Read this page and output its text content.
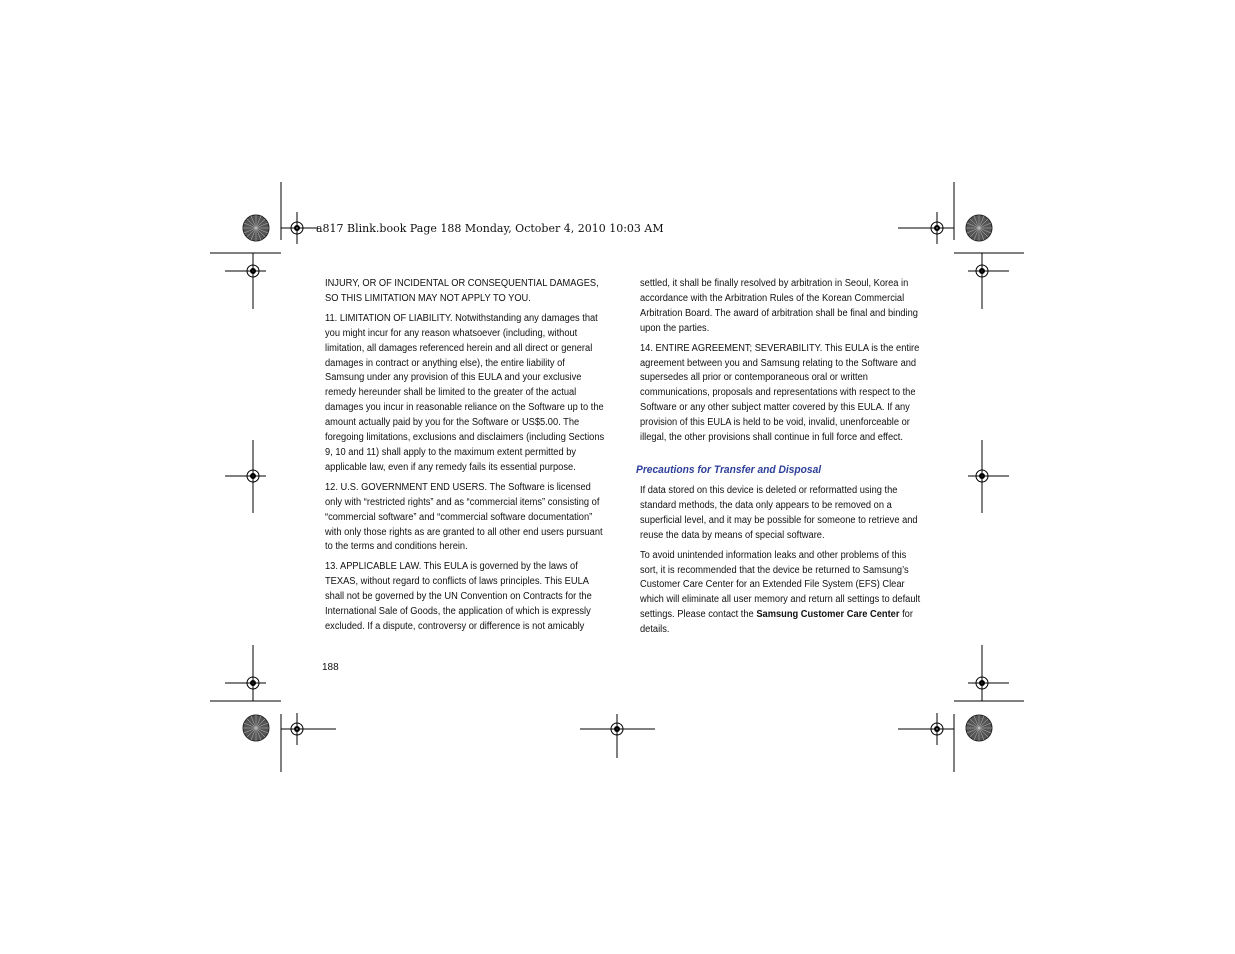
a817 Blink.book Page 188 Monday, October 4, 2010 10:03 AM

INJURY, OR OF INCIDENTAL OR CONSEQUENTIAL DAMAGES, SO THIS LIMITATION MAY NOT APPLY TO YOU.

11. LIMITATION OF LIABILITY. Notwithstanding any damages that you might incur for any reason whatsoever (including, without limitation, all damages referenced herein and all direct or general damages in contract or anything else), the entire liability of Samsung under any provision of this EULA and your exclusive remedy hereunder shall be limited to the greater of the actual damages you incur in reasonable reliance on the Software up to the amount actually paid by you for the Software or US$5.00. The foregoing limitations, exclusions and disclaimers (including Sections 9, 10 and 11) shall apply to the maximum extent permitted by applicable law, even if any remedy fails its essential purpose.

12. U.S. GOVERNMENT END USERS. The Software is licensed only with “restricted rights” and as “commercial items” consisting of “commercial software” and “commercial software documentation” with only those rights as are granted to all other end users pursuant to the terms and conditions herein.

13. APPLICABLE LAW. This EULA is governed by the laws of TEXAS, without regard to conflicts of laws principles. This EULA shall not be governed by the UN Convention on Contracts for the International Sale of Goods, the application of which is expressly excluded. If a dispute, controversy or difference is not amicably

settled, it shall be finally resolved by arbitration in Seoul, Korea in accordance with the Arbitration Rules of the Korean Commercial Arbitration Board. The award of arbitration shall be final and binding upon the parties.

14. ENTIRE AGREEMENT; SEVERABILITY. This EULA is the entire agreement between you and Samsung relating to the Software and supersedes all prior or contemporaneous oral or written communications, proposals and representations with respect to the Software or any other subject matter covered by this EULA. If any provision of this EULA is held to be void, invalid, unenforceable or illegal, the other provisions shall continue in full force and effect.

Precautions for Transfer and Disposal

If data stored on this device is deleted or reformatted using the standard methods, the data only appears to be removed on a superficial level, and it may be possible for someone to retrieve and reuse the data by means of special software.

To avoid unintended information leaks and other problems of this sort, it is recommended that the device be returned to Samsung’s Customer Care Center for an Extended File System (EFS) Clear which will eliminate all user memory and return all settings to default settings. Please contact the Samsung Customer Care Center for details.

188
